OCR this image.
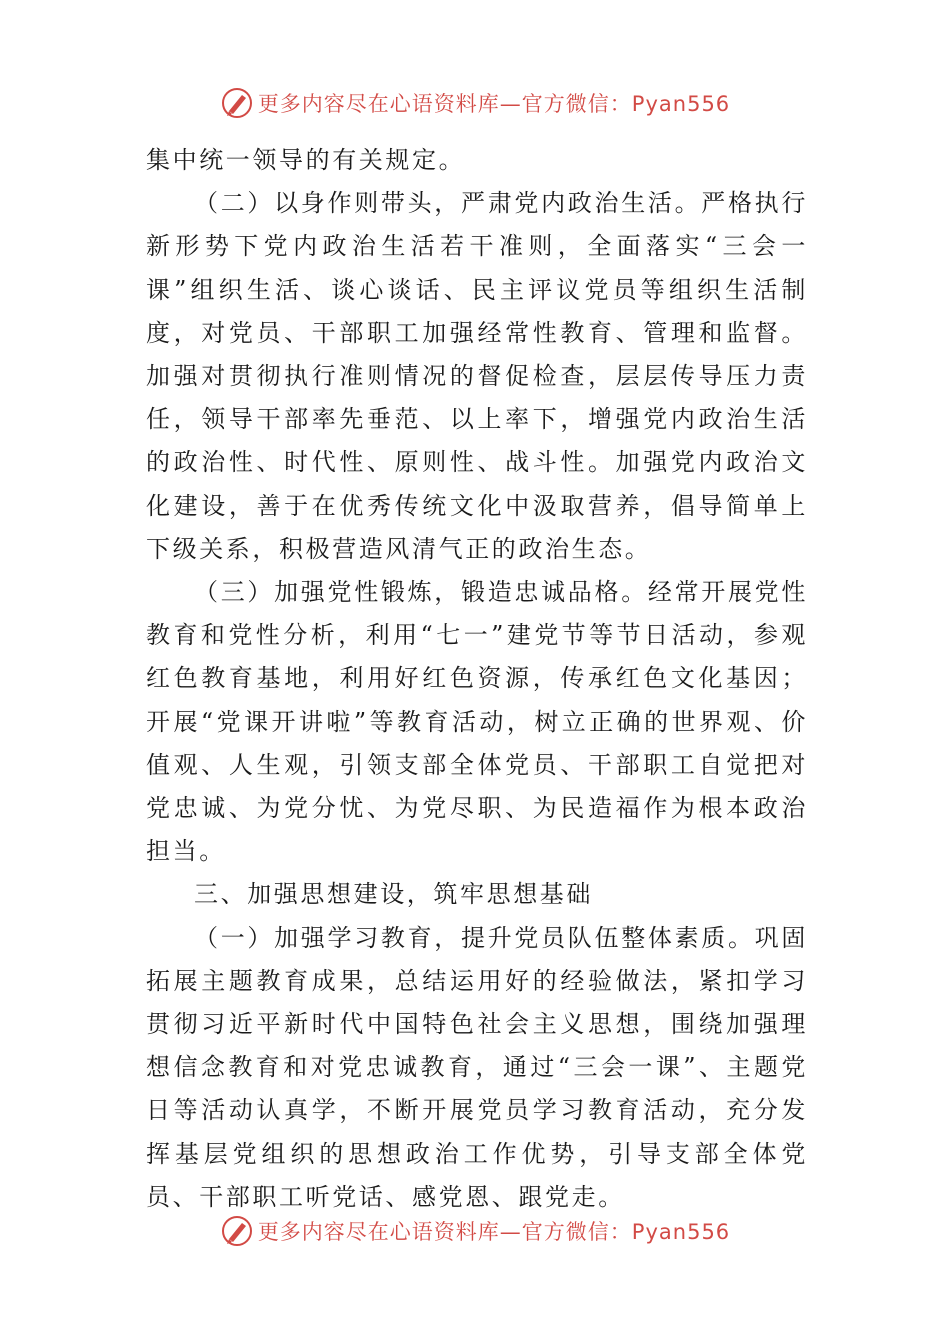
更多内容尽在心语资料库—官方微信：Pyan556

集中统一领导的有关规定。

（二）以身作则带头，严肃党内政治生活。严格执行新形势下党内政治生活若干准则，全面落实“三会一课”组织生活、谈心谈话、民主评议党员等组织生活制度，对党员、干部职工加强经常性教育、管理和监督。加强对贯彻执行准则情况的督促检查，层层传导压力责任，领导干部率先垂范、以上率下，增强党内政治生活的政治性、时代性、原则性、战斗性。加强党内政治文化建设，善于在优秀传统文化中汲取营养，倡导简单上下级关系，积极营造风清气正的政治生态。

（三）加强党性锻炼，锻造忠诚品格。经常开展党性教育和党性分析，利用“七一”建党节等节日活动，参观红色教育基地，利用好红色资源，传承红色文化基因；开展“党课开讲啦”等教育活动，树立正确的世界观、价值观、人生观，引领支部全体党员、干部职工自觉把对党忠诚、为党分忧、为党尽职、为民造福作为根本政治担当。

三、加强思想建设，筑牢思想基础

（一）加强学习教育，提升党员队伍整体素质。巩固拓展主题教育成果，总结运用好的经验做法，紧扣学习贯彻习近平新时代中国特色社会主义思想，围绕加强理想信念教育和对党忠诚教育，通过“三会一课”、主题党日等活动认真学，不断开展党员学习教育活动，充分发挥基层党组织的思想政治工作优势，引导支部全体党员、干部职工听党话、感党恩、跟党走。

更多内容尽在心语资料库—官方微信：Pyan556
